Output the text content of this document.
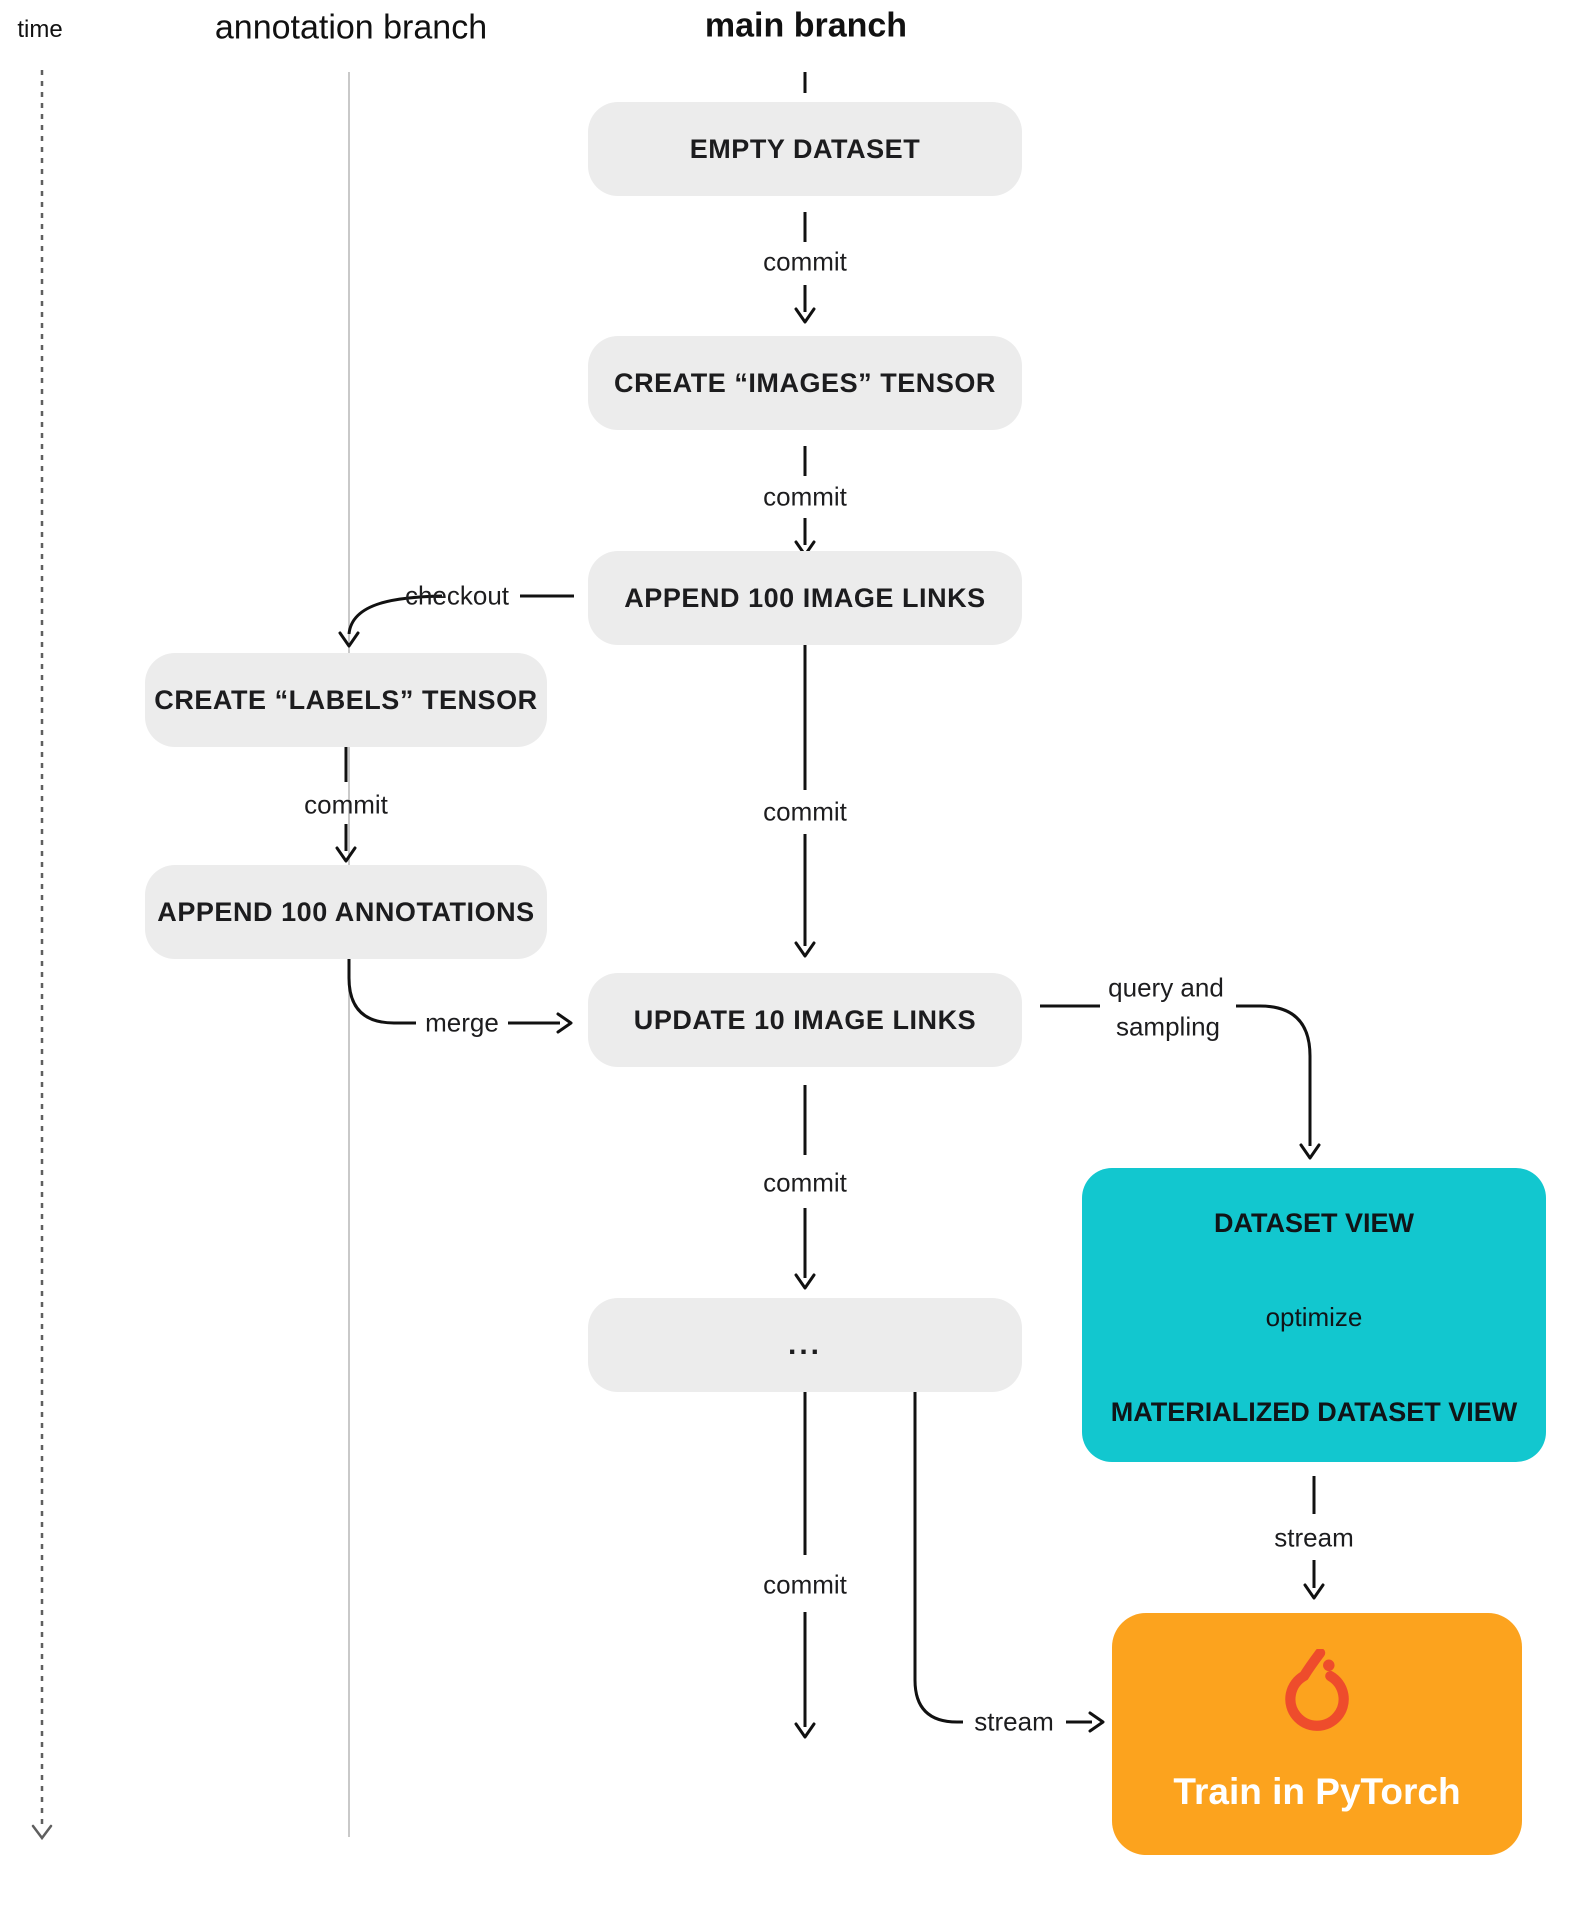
time	annotation branch	main branch
EMPTY DATASET
CREATE “IMAGES” TENSOR
APPEND 100 IMAGE LINKS
UPDATE 10 IMAGE LINKS
...
CREATE “LABELS” TENSOR
APPEND 100 ANNOTATIONS
commit
commit
commit
commit
commit
commit
checkout
merge
query and
sampling
stream
stream
DATASET VIEW
optimize
MATERIALIZED DATASET VIEW
Train in PyTorch
